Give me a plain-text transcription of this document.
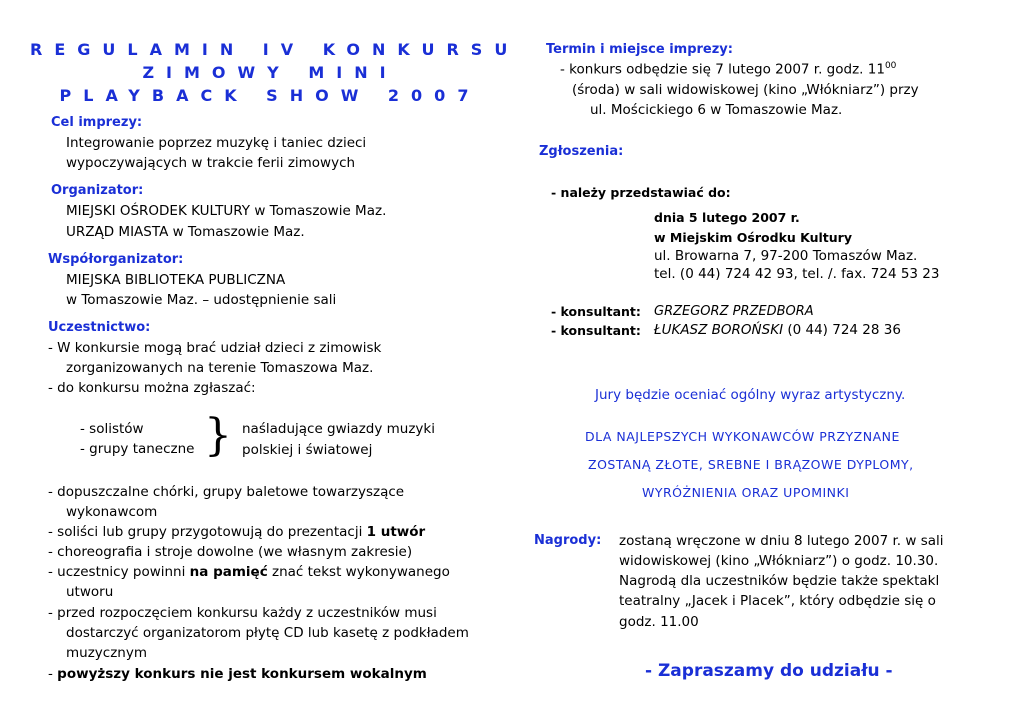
REGULAMIN IV KONKURSU
ZIMOWY MINI
PLAYBACK SHOW 2007
Cel imprezy:
Integrowanie poprzez muzykę i taniec dzieci
wypoczywających w trakcie ferii zimowych
Organizator:
MIEJSKI OŚRODEK KULTURY w Tomaszowie Maz.
URZĄD MIASTA w Tomaszowie Maz.
Współorganizator:
MIEJSKA BIBLIOTEKA PUBLICZNA
w Tomaszowie Maz. – udostępnienie sali
Uczestnictwo:
- W konkursie mogą brać udział dzieci z zimowisk
zorganizowanych na terenie Tomaszowa Maz.
- do konkursu można zgłaszać:
- solistów
- grupy taneczne } naśladujące gwiazdy muzyki
polskiej i światowej
- dopuszczalne chórki, grupy baletowe towarzyszące
wykonawcom
- soliści lub grupy przygotowują do prezentacji 1 utwór
- choreografia i stroje dowolne (we własnym zakresie)
- uczestnicy powinni na pamięć znać tekst wykonywanego
utworu
- przed rozpoczęciem konkursu każdy z uczestników musi
dostarczyć organizatorom płytę CD lub kasetę z podkładem
muzycznym
- powyższy konkurs nie jest konkursem wokalnym
Termin i miejsce imprezy:
- konkurs odbędzie się 7 lutego 2007 r. godz. $11^{00}$
(środa) w sali widowiskowej (kino „Włókniarz”) przy
ul. Mościckiego 6 w Tomaszowie Maz.
Zgłoszenia:
- należy przedstawiać do:
dnia 5 lutego 2007 r.
w Miejskim Ośrodku Kultury
ul. Browarna 7, 97-200 Tomaszów Maz.
tel. (0 44) 724 42 93, tel. /. fax. 724 53 23
- konsultant: GRZEGORZ PRZEDBORA
- konsultant: ŁUKASZ BOROŃSKI (0 44) 724 28 36
Jury będzie oceniać ogólny wyraz artystyczny.
DLA NAJLEPSZYCH WYKONAWCÓW PRZYZNANE
ZOSTANĄ ZŁOTE, SREBNE I BRĄZOWE DYPLOMY,
WYRÓŻNIENIA ORAZ UPOMINKI
Nagrody: zostaną wręczone w dniu 8 lutego 2007 r. w sali
widowiskowej (kino „Włókniarz”) o godz. 10.30.
Nagrodą dla uczestników będzie także spektakl
teatralny „Jacek i Placek”, który odbędzie się o
godz. 11.00
- Zapraszamy do udziału -
